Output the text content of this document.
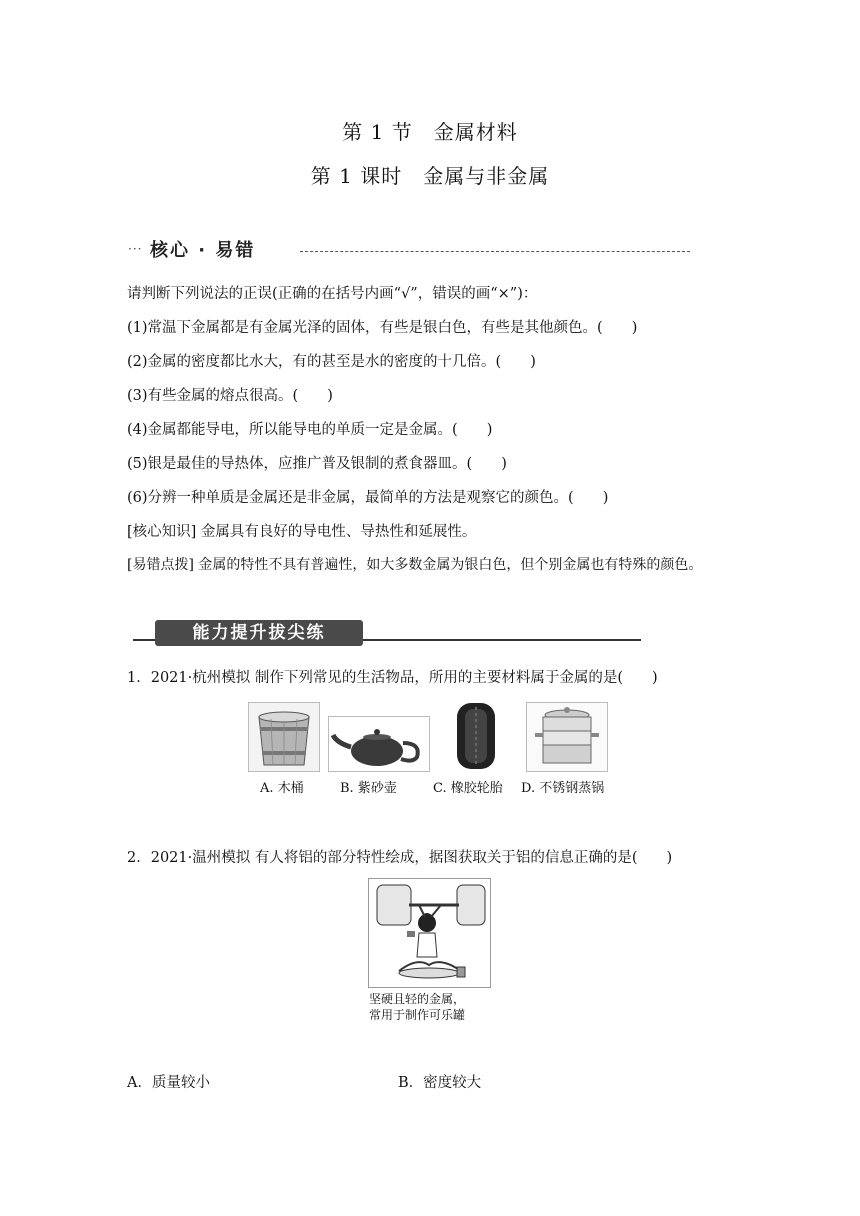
第 1 节　金属材料
第 1 课时　金属与非金属
··· 核心 · 易错
请判断下列说法的正误(正确的在括号内画“√”，错误的画“×”)：
(1)常温下金属都是有金属光泽的固体，有些是银白色，有些是其他颜色。(　　)
(2)金属的密度都比水大，有的甚至是水的密度的十几倍。(　　)
(3)有些金属的熔点很高。(　　)
(4)金属都能导电，所以能导电的单质一定是金属。(　　)
(5)银是最佳的导热体，应推广普及银制的煮食器皿。(　　)
(6)分辨一种单质是金属还是非金属，最简单的方法是观察它的颜色。(　　)
[核心知识] 金属具有良好的导电性、导热性和延展性。
[易错点拨] 金属的特性不具有普遍性，如大多数金属为银白色，但个别金属也有特殊的颜色。
能力提升拔尖练
1．2021·杭州模拟 制作下列常见的生活物品，所用的主要材料属于金属的是(　　)
A. 木桶	B. 紫砂壶	C. 橡胶轮胎 D. 不锈钢蒸锅
2．2021·温州模拟 有人将铝的部分特性绘成，据图获取关于铝的信息正确的是(　　)
坚硬且轻的金属，
常用于制作可乐罐
A．质量较小	B．密度较大
